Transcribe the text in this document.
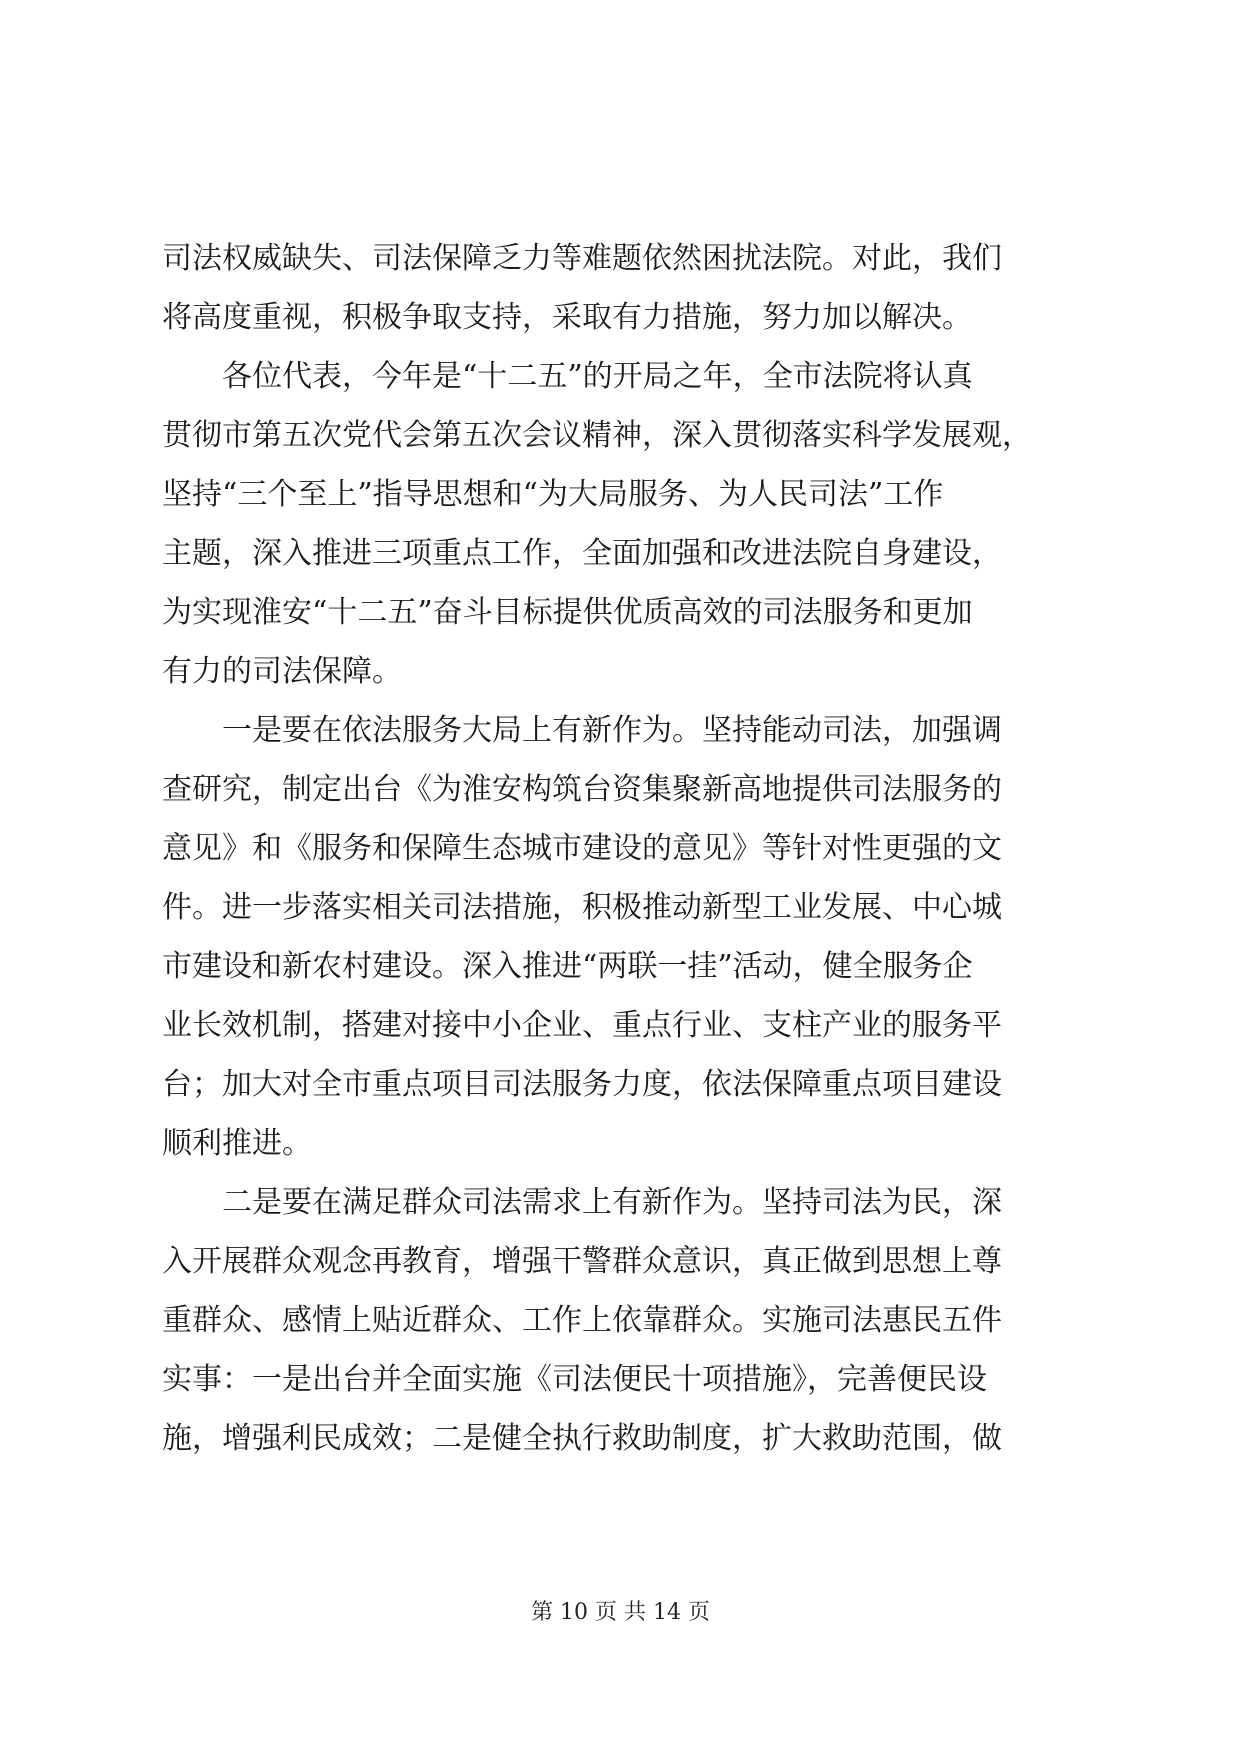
司法权威缺失、司法保障乏力等难题依然困扰法院。对此，我们
将高度重视，积极争取支持，采取有力措施，努力加以解决。
　　各位代表，今年是“十二五”的开局之年，全市法院将认真
贯彻市第五次党代会第五次会议精神，深入贯彻落实科学发展观，
坚持“三个至上”指导思想和“为大局服务、为人民司法”工作
主题，深入推进三项重点工作，全面加强和改进法院自身建设，
为实现淮安“十二五”奋斗目标提供优质高效的司法服务和更加
有力的司法保障。
　　一是要在依法服务大局上有新作为。坚持能动司法，加强调
查研究，制定出台《为淮安构筑台资集聚新高地提供司法服务的
意见》和《服务和保障生态城市建设的意见》等针对性更强的文
件。进一步落实相关司法措施，积极推动新型工业发展、中心城
市建设和新农村建设。深入推进“两联一挂”活动，健全服务企
业长效机制，搭建对接中小企业、重点行业、支柱产业的服务平
台；加大对全市重点项目司法服务力度，依法保障重点项目建设
顺利推进。
　　二是要在满足群众司法需求上有新作为。坚持司法为民，深
入开展群众观念再教育，增强干警群众意识，真正做到思想上尊
重群众、感情上贴近群众、工作上依靠群众。实施司法惠民五件
实事：一是出台并全面实施《司法便民十项措施》，完善便民设
施，增强利民成效；二是健全执行救助制度，扩大救助范围，做
第 10 页 共 14 页
